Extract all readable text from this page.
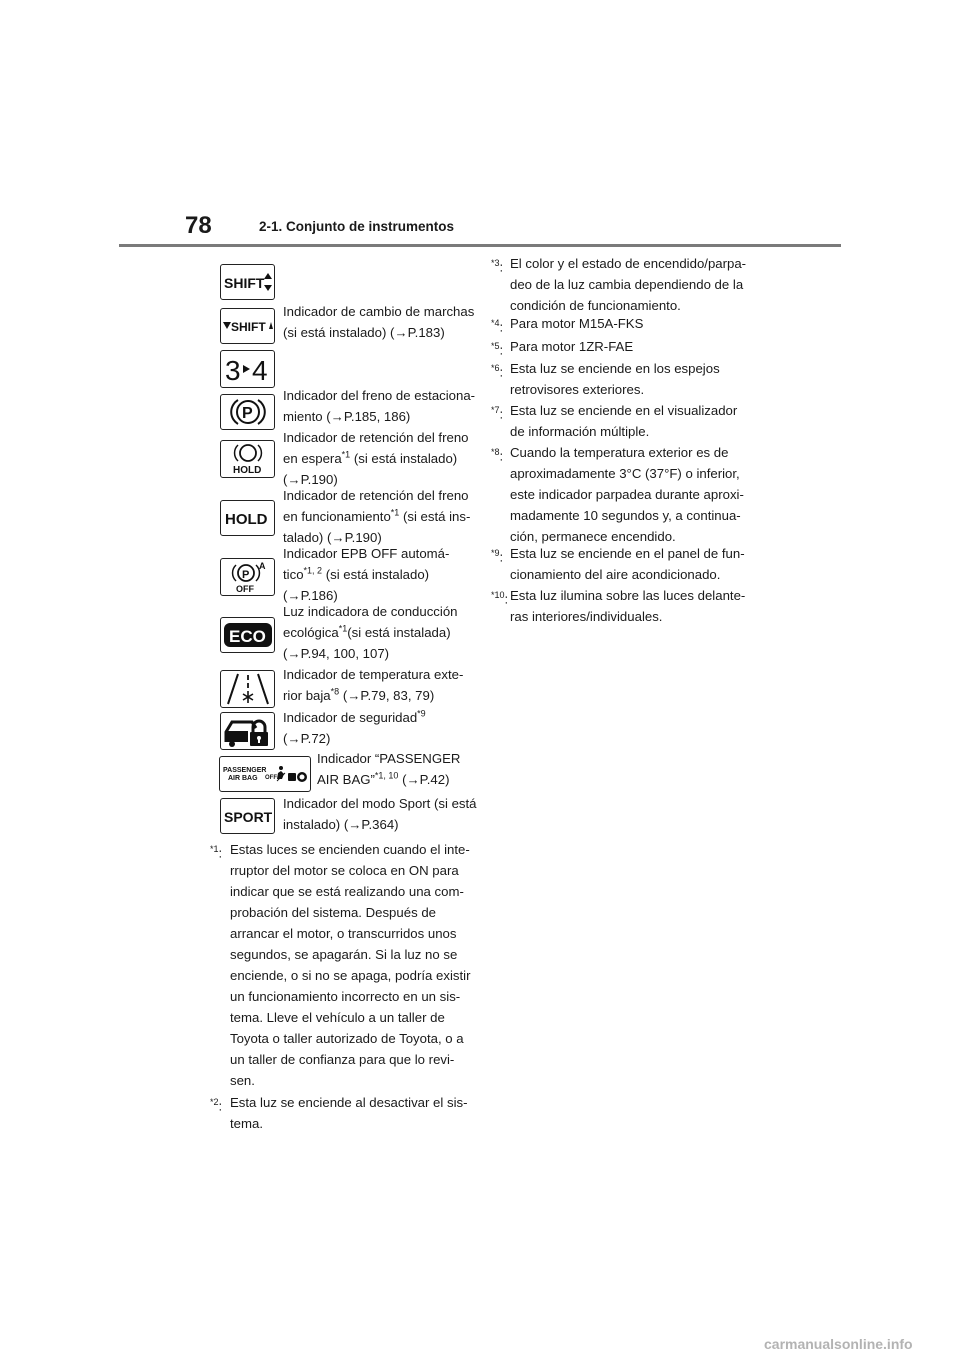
78	2-1. Conjunto de instrumentos
SHIFT
SHIFT
3 4
Indicador de cambio de marchas
(si está instalado) (→P.183)
P
Indicador del freno de estaciona-
miento (→P.185, 186)
HOLD
Indicador de retención del freno
en espera$^{*1}$ (si está instalado)
(→P.190)
HOLD
Indicador de retención del freno
en funcionamiento$^{*1}$ (si está ins-
talado) (→P.190)
P
A
OFF
Indicador EPB OFF automá-
tico$^{*1, 2}$ (si está instalado)
(→P.186)
ECO
Luz indicadora de conducción
ecológica$^{*1}$(si está instalada)
(→P.94, 100, 107)
Indicador de temperatura exte-
rior baja$^{*8}$ (→P.79, 83, 79)
Indicador de seguridad$^{*9}$
(→P.72)
PASSENGER
AIR BAG OFF
Indicador “PASSENGER
AIR BAG”$^{*1, 10}$ (→P.42)
SPORT
Indicador del modo Sport (si está
instalado) (→P.364)
$^{*1}$: Estas luces se encienden cuando el inte-
rruptor del motor se coloca en ON para
indicar que se está realizando una com-
probación del sistema. Después de
arrancar el motor, o transcurridos unos
segundos, se apagarán. Si la luz no se
enciende, o si no se apaga, podría existir
un funcionamiento incorrecto en un sis-
tema. Lleve el vehículo a un taller de
Toyota o taller autorizado de Toyota, o a
un taller de confianza para que lo revi-
sen.
$^{*2}$: Esta luz se enciende al desactivar el sis-
tema.
$^{*3}$: El color y el estado de encendido/parpa-
deo de la luz cambia dependiendo de la
condición de funcionamiento.
$^{*4}$: Para motor M15A-FKS
$^{*5}$: Para motor 1ZR-FAE
$^{*6}$: Esta luz se enciende en los espejos
retrovisores exteriores.
$^{*7}$: Esta luz se enciende en el visualizador
de información múltiple.
$^{*8}$: Cuando la temperatura exterior es de
aproximadamente 3°C (37°F) o inferior,
este indicador parpadea durante aproxi-
madamente 10 segundos y, a continua-
ción, permanece encendido.
$^{*9}$: Esta luz se enciende en el panel de fun-
cionamiento del aire acondicionado.
$^{*10}$: Esta luz ilumina sobre las luces delante-
ras interiores/individuales.
carmanualsonline.info
